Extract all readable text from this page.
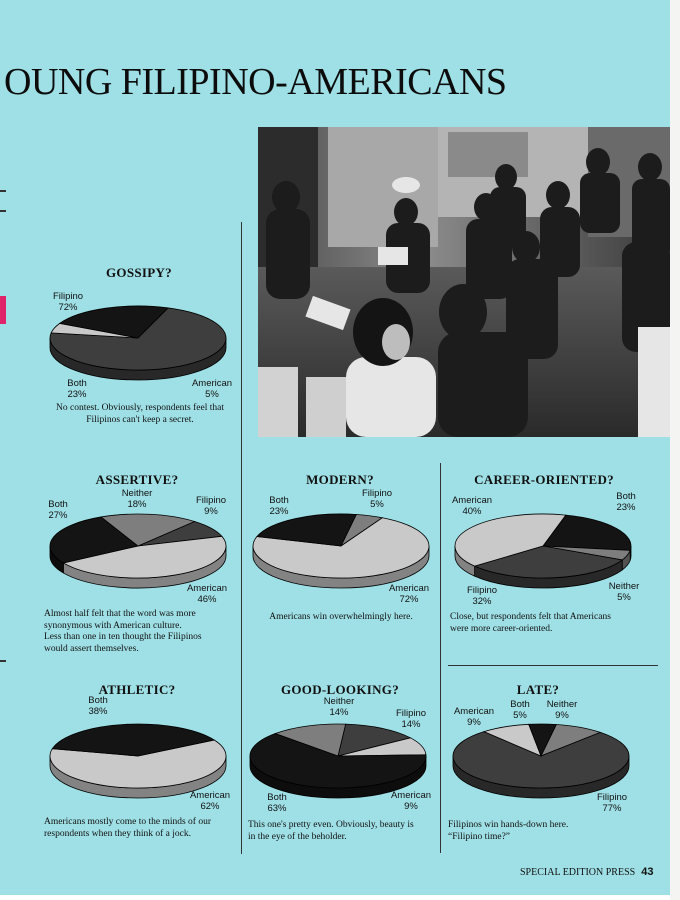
OUNG FILIPINO-AMERICANS
GOSSIPY?
Filipino
72%
Both
23%
American
5%
No contest. Obviously, respondents feel that
Filipinos can't keep a secret.
ASSERTIVE?
Neither
18%
Both
27%
Filipino
9%
American
46%
Almost half felt that the word was more
synonymous with American culture.
Less than one in ten thought the Filipinos
would assert themselves.
MODERN?
Both
23%
Filipino
5%
American
72%
Americans win overwhelmingly here.
CAREER-ORIENTED?
American
40%
Both
23%
Neither
5%
Filipino
32%
Close, but respondents felt that Americans
were more career-oriented.
ATHLETIC?
Both
38%
American
62%
Americans mostly come to the minds of our
respondents when they think of a jock.
GOOD-LOOKING?
Neither
14%	Filipino
14%
Both
63%
American
9%
This one's pretty even. Obviously, beauty is
in the eye of the beholder.
LATE?
American
9%
Both
5%
Neither
9%
Filipino
77%
Filipinos win hands-down here.
“Filipino time?”
SPECIAL EDITION PRESS 43
